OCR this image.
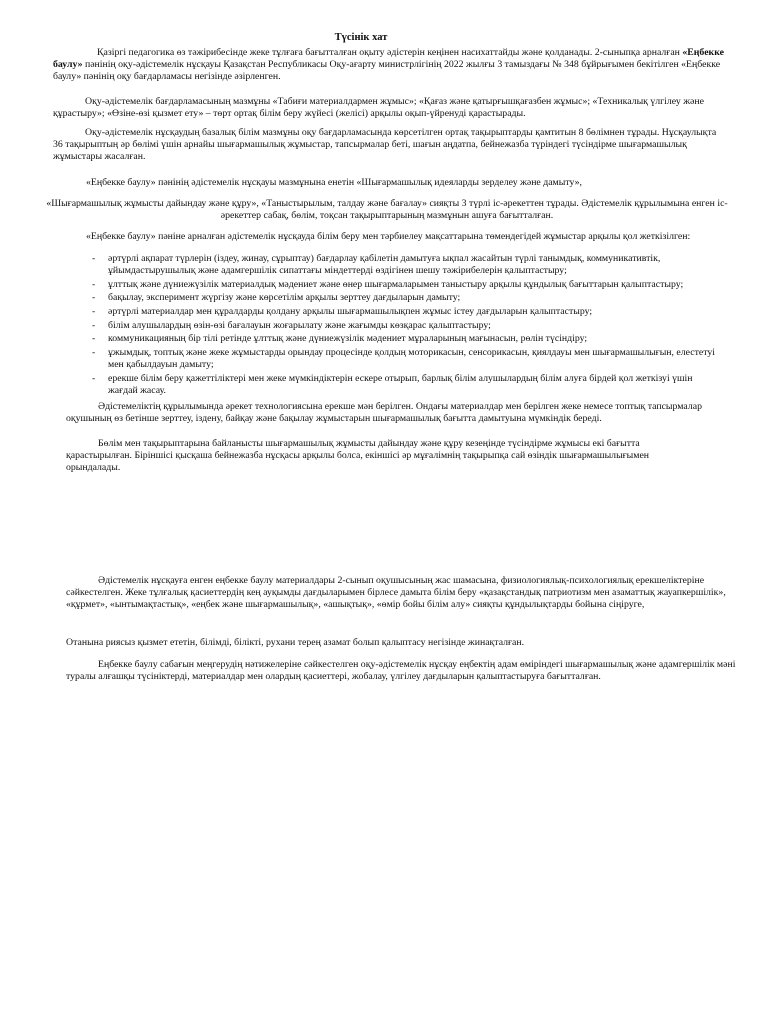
Түсінік хат

Қазіргі педагогика өз тәжірибесінде жеке тұлғаға бағытталған оқыту әдістерін кеңінен насихаттайды және қолданады. 2-сыныпқа арналған «Еңбекке баулу» пәнінің оқу-әдістемелік нұсқауы Қазақстан Республикасы Оқу-ағарту министрлігінің 2022 жылғы 3 тамыздағы № 348 бұйрығымен бекітілген «Еңбекке баулу» пәнінің оқу бағдарламасы негізінде әзірленген.

Оқу-әдістемелік бағдарламасының мазмұны «Табиғи материалдармен жұмыс»; «Қағаз және қатырғышқағазбен жұмыс»; «Техникалық үлгілеу және құрастыру»; «Өзіне-өзі қызмет ету» – төрт ортақ білім беру жүйесі (желісі) арқылы оқып-үйренуді қарастырады.

Оқу-әдістемелік нұсқаудың базалық білім мазмұны оқу бағдарламасында көрсетілген ортақ тақырыптарды қамтитын 8 бөлімнен тұрады. Нұсқаулықта 36 тақырыптың әр бөлімі үшін арнайы шығармашылық жұмыстар, тапсырмалар беті, шағын аңдатпа, бейнежазба түріндегі түсіндірме шығармашылық жұмыстары жасалған.

«Еңбекке баулу» пәнінің әдістемелік нұсқауы мазмұнына енетін «Шығармашылық идеяларды зерделеу және дамыту»,

«Шығармашылық жұмысты дайындау және құру», «Таныстырылым, талдау және бағалау» сияқты 3 түрлі іс-әрекеттен тұрады. Әдістемелік құрылымына енген іс-әрекеттер сабақ, бөлім, тоқсан тақырыптарының мазмұнын ашуға бағытталған.

«Еңбекке баулу» пәніне арналған әдістемелік нұсқауда білім беру мен тәрбиелеу мақсаттарына төмендегідей жұмыстар арқылы қол жеткізілген:

- әртүрлі ақпарат түрлерін (іздеу, жинау, сұрыптау) бағдарлау қабілетін дамытуға ықпал жасайтын түрлі танымдық, коммуникативтік, ұйымдастырушылық және адамгершілік сипаттағы міндеттерді өздігінен шешу тәжірибелерін қалыптастыру;
- ұлттық және дүниежүзілік материалдық мәдениет және өнер шығармаларымен таныстыру арқылы құндылық бағыттарын қалыптастыру;
- бақылау, эксперимент жүргізу және көрсетілім арқылы зерттеу дағдыларын дамыту;
- әртүрлі материалдар мен құралдарды қолдану арқылы шығармашылықпен жұмыс істеу дағдыларын қалыптастыру;
- білім алушылардың өзін-өзі бағалауын жоғарылату және жағымды көзқарас қалыптастыру;
- коммуникацияның бір тілі ретінде ұлттық және дүниежүзілік мәдениет мұраларының мағынасын, рөлін түсіндіру;
- ұжымдық, топтық және жеке жұмыстарды орындау процесінде қолдың моторикасын, сенсорикасын, қиялдауы мен шығармашылығын, елестетуі мен қабылдауын дамыту;
- ерекше білім беру қажеттіліктері мен жеке мүмкіндіктерін ескере отырып, барлық білім алушылардың білім алуға бірдей қол жеткізуі үшін жағдай жасау.

Әдістемеліктің құрылымында әрекет технологиясына ерекше мән берілген. Ондағы материалдар мен берілген жеке немесе топтық тапсырмалар оқушының өз бетінше зерттеу, іздену, байқау және бақылау жұмыстарын шығармашылық бағытта дамытуына мүмкіндік береді.

Бөлім мен тақырыптарына байланысты шығармашылық жұмысты дайындау және құру кезеңінде түсіндірме жұмысы екі бағытта қарастырылған. Біріншісі қысқаша бейнежазба нұсқасы арқылы болса, екіншісі әр мұғалімнің тақырыпқа сай өзіндік шығармашылығымен орындалады.

Әдістемелік нұсқауға енген еңбекке баулу материалдары 2-сынып оқушысының жас шамасына, физиологиялық-психологиялық ерекшеліктеріне сәйкестелген. Жеке тұлғалық қасиеттердің кең ауқымды дағдыларымен бірлесе дамыта білім беру «қазақстандық патриотизм мен азаматтық жауапкершілік», «құрмет», «ынтымақтастық», «еңбек және шығармашылық», «ашықтық», «өмір бойы білім алу» сияқты құндылықтарды бойына сіңіруге,

Отанына риясыз қызмет ететін, білімді, білікті, рухани терең азамат болып қалыптасу негізінде жинақталған.

Еңбекке баулу сабағын меңгерудің нәтижелеріне сәйкестелген оқу-әдістемелік нұсқау еңбектің адам өміріндегі шығармашылық және адамгершілік мәні туралы алғашқы түсініктерді, материалдар мен олардың қасиеттері, жобалау, үлгілеу дағдыларын қалыптастыруға бағытталған.
